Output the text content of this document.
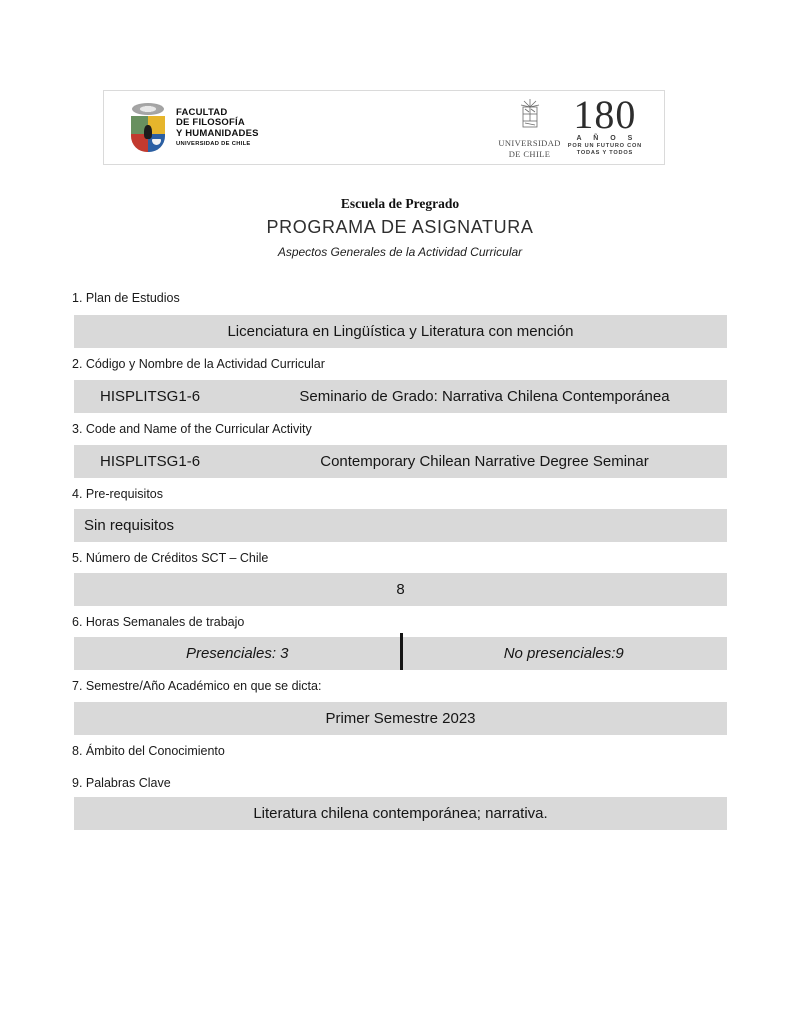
FACULTAD
DE FILOSOFÍA
Y HUMANIDADES
UNIVERSIDAD DE CHILE	UNIVERSIDAD
DE CHILE
180
A Ñ O S
POR UN FUTURO CON
TODAS Y TODOS
Escuela de Pregrado
PROGRAMA DE ASIGNATURA
Aspectos Generales de la Actividad Curricular
1. Plan de Estudios
Licenciatura en Lingüística y Literatura con mención
2. Código y Nombre de la Actividad Curricular
HISPLITSG1-6	Seminario de Grado: Narrativa Chilena Contemporánea
3. Code and Name of the Curricular Activity
HISPLITSG1-6	Contemporary Chilean Narrative Degree Seminar
4. Pre-requisitos
Sin requisitos
5. Número de Créditos SCT – Chile
8
6. Horas Semanales de trabajo
Presenciales: 3	No presenciales:9
7. Semestre/Año Académico en que se dicta:
Primer Semestre 2023
8. Ámbito del Conocimiento
9. Palabras Clave
Literatura chilena contemporánea; narrativa.
